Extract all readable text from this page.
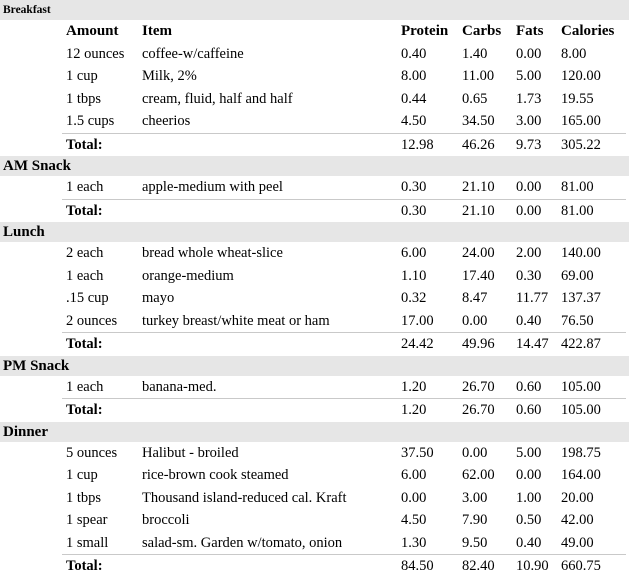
Breakfast
Amount Item	Protein Carbs Fats Calories
12 ounces coffee-w/caffeine	0.40 1.40 0.00 8.00
1 cup	Milk, 2%	8.00 11.00 5.00 120.00
1 tbps	cream, fluid, half and half	0.44 0.65 1.73 19.55
1.5 cups cheerios	4.50 34.50 3.00 165.00
Total:	12.98 46.26 9.73 305.22
AM Snack
1 each	apple-medium with peel	0.30 21.10 0.00 81.00
Total:	0.30 21.10 0.00 81.00
Lunch
2 each	bread whole wheat-slice	6.00 24.00 2.00 140.00
1 each	orange-medium	1.10 17.40 0.30 69.00
.15 cup mayo	0.32 8.47 11.77 137.37
2 ounces turkey breast/white meat or ham	17.00 0.00 0.40 76.50
Total:	24.42 49.96 14.47 422.87
PM Snack
1 each	banana-med.	1.20 26.70 0.60 105.00
Total:	1.20 26.70 0.60 105.00
Dinner
5 ounces Halibut - broiled	37.50 0.00 5.00 198.75
1 cup	rice-brown cook steamed	6.00 62.00 0.00 164.00
1 tbps	Thousand island-reduced cal. Kraft	0.00 3.00 1.00 20.00
1 spear broccoli	4.50 7.90 0.50 42.00
1 small salad-sm. Garden w/tomato, onion	1.30 9.50 0.40 49.00
Total:	84.50 82.40 10.90 660.75
